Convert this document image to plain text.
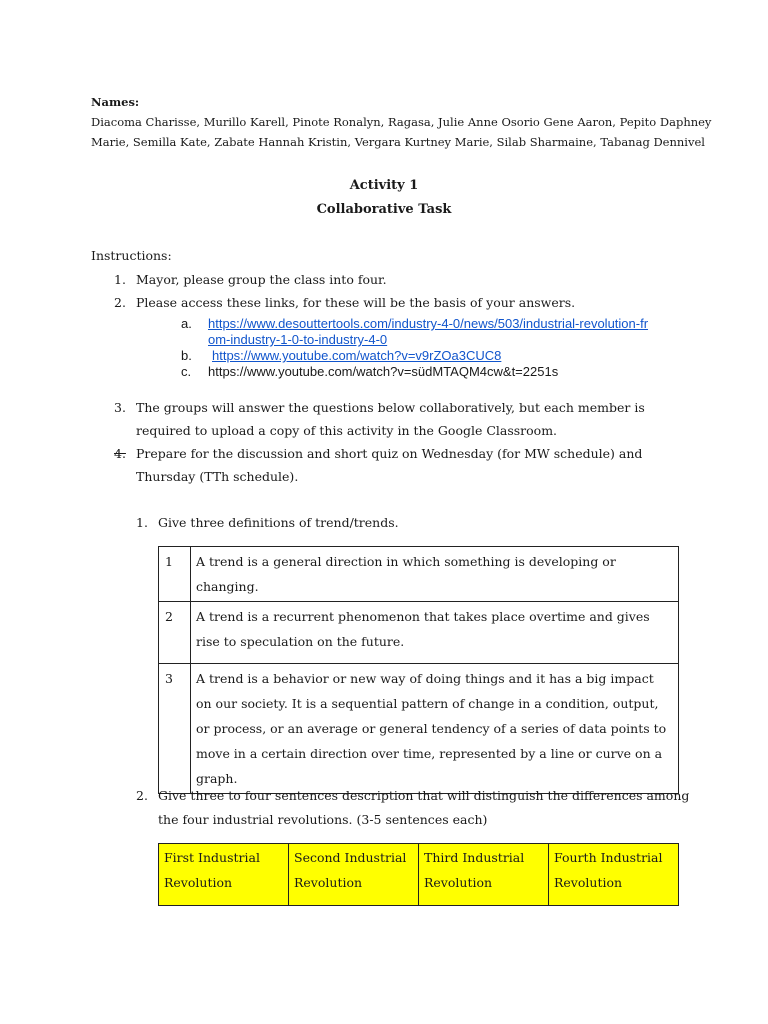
Names:
Diacoma Charisse, Murillo Karell, Pinote Ronalyn, Ragasa, Julie Anne Osorio Gene Aaron, Pepito Daphney
Marie, Semilla Kate, Zabate Hannah Kristin, Vergara Kurtney Marie, Silab Sharmaine, Tabanag Dennivel
Activity 1
Collaborative Task
Instructions:
1. Mayor, please group the class into four.
2. Please access these links, for these will be the basis of your answers.
a. https://www.desouttertools.com/industry-4-0/news/503/industrial-revolution-fr
om-industry-1-0-to-industry-4-0
b. https://www.youtube.com/watch?v=v9rZOa3CUC8
c. https://www.youtube.com/watch?v=südMTAQM4cw&t=2251s
3. The groups will answer the questions below collaboratively, but each member is
required to upload a copy of this activity in the Google Classroom.
4. Prepare for the discussion and short quiz on Wednesday (for MW schedule) and
Thursday (TTh schedule).
1. Give three definitions of trend/trends.
1	A trend is a general direction in which something is developing or changing.
2	A trend is a recurrent phenomenon that takes place overtime and gives rise to speculation on the future.
3	A trend is a behavior or new way of doing things and it has a big impact on our society. It is a sequential pattern of change in a condition, output, or process, or an average or general tendency of a series of data points to move in a certain direction over time, represented by a line or curve on a graph.
2. Give three to four sentences description that will distinguish the differences among
the four industrial revolutions. (3-5 sentences each)
First Industrial Revolution	Second Industrial Revolution	Third Industrial Revolution	Fourth Industrial Revolution
